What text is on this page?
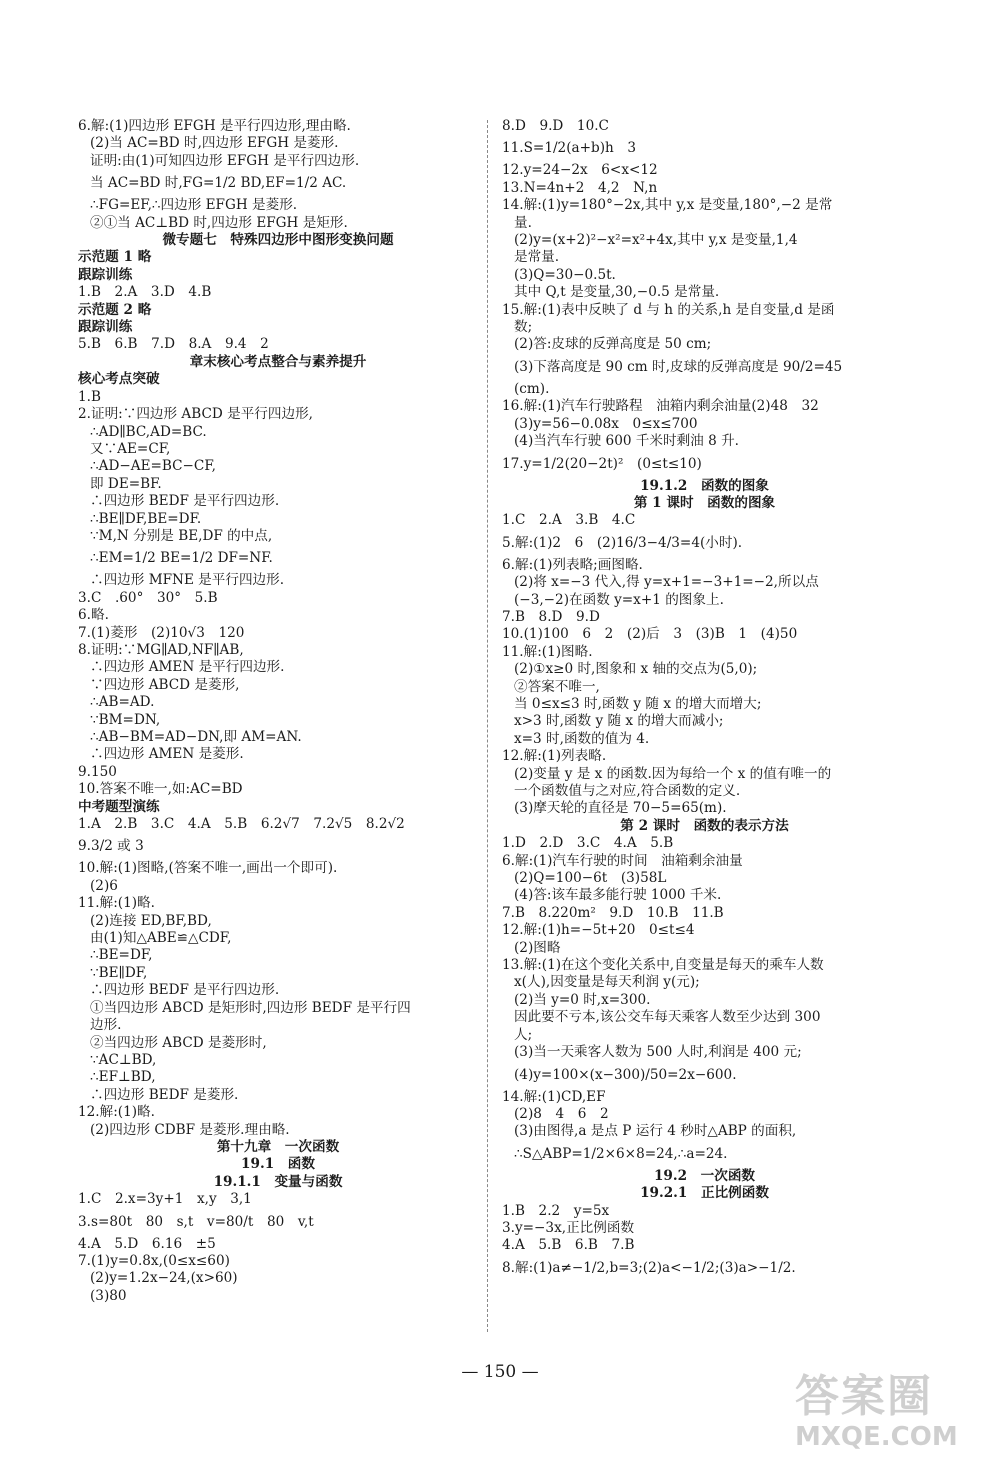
6.解:(1)四边形 EFGH 是平行四边形,理由略.
(2)当 AC=BD 时,四边形 EFGH 是菱形.
证明:由(1)可知四边形 EFGH 是平行四边形.
当 AC=BD 时,FG=1/2 BD,EF=1/2 AC.
∴FG=EF,∴四边形 EFGH 是菱形.
②①当 AC⊥BD 时,四边形 EFGH 是矩形.
微专题七　特殊四边形中图形变换问题
示范题 1 略
跟踪训练
1.B　2.A　3.D　4.B
示范题 2 略
跟踪训练
5.B　6.B　7.D　8.A　9.4　2
章末核心考点整合与素养提升
核心考点突破
1.B
2.证明:∵四边形 ABCD 是平行四边形,
∴AD∥BC,AD=BC.
又∵AE=CF,
∴AD−AE=BC−CF,
即 DE=BF.
∴四边形 BEDF 是平行四边形.
∴BE∥DF,BE=DF.
∵M,N 分别是 BE,DF 的中点,
∴EM=1/2 BE=1/2 DF=NF.
∴四边形 MFNE 是平行四边形.
3.C　.60°　30°　5.B
6.略.
7.(1)菱形　(2)10√3　120
8.证明:∵MG∥AD,NF∥AB,
∴四边形 AMEN 是平行四边形.
∵四边形 ABCD 是菱形,
∴AB=AD.
∵BM=DN,
∴AB−BM=AD−DN,即 AM=AN.
∴四边形 AMEN 是菱形.
9.150
10.答案不唯一,如:AC=BD
中考题型演练
1.A　2.B　3.C　4.A　5.B　6.2√7　7.2√5　8.2√2
9.3/2 或 3
10.解:(1)图略,(答案不唯一,画出一个即可).
(2)6
11.解:(1)略.
(2)连接 ED,BF,BD,
由(1)知△ABE≌△CDF,
∴BE=DF,
∵BE∥DF,
∴四边形 BEDF 是平行四边形.
①当四边形 ABCD 是矩形时,四边形 BEDF 是平行四
边形.
②当四边形 ABCD 是菱形时,
∵AC⊥BD,
∴EF⊥BD,
∴四边形 BEDF 是菱形.
12.解:(1)略.
(2)四边形 CDBF 是菱形.理由略.
第十九章　一次函数
19.1　函数
19.1.1　变量与函数
1.C　2.x=3y+1　x,y　3,1
3.s=80t　80　s,t　v=80/t　80　v,t
4.A　5.D　6.16　±5
7.(1)y=0.8x,(0≤x≤60)
(2)y=1.2x−24,(x>60)
(3)80
8.D　9.D　10.C
11.S=1/2(a+b)h　3
12.y=24−2x　6<x<12
13.N=4n+2　4,2　N,n
14.解:(1)y=180°−2x,其中 y,x 是变量,180°,−2 是常
量.
(2)y=(x+2)²−x²=x²+4x,其中 y,x 是变量,1,4
是常量.
(3)Q=30−0.5t.
其中 Q,t 是变量,30,−0.5 是常量.
15.解:(1)表中反映了 d 与 h 的关系,h 是自变量,d 是函
数;
(2)答:皮球的反弹高度是 50 cm;
(3)下落高度是 90 cm 时,皮球的反弹高度是 90/2=45
(cm).
16.解:(1)汽车行驶路程　油箱内剩余油量(2)48　32
(3)y=56−0.08x　0≤x≤700
(4)当汽车行驶 600 千米时剩油 8 升.
17.y=1/2(20−2t)²　(0≤t≤10)
19.1.2　函数的图象
第 1 课时　函数的图象
1.C　2.A　3.B　4.C
5.解:(1)2　6　(2)16/3−4/3=4(小时).
6.解:(1)列表略;画图略.
(2)将 x=−3 代入,得 y=x+1=−3+1=−2,所以点
(−3,−2)在函数 y=x+1 的图象上.
7.B　8.D　9.D
10.(1)100　6　2　(2)后　3　(3)B　1　(4)50
11.解:(1)图略.
(2)①x≥0 时,图象和 x 轴的交点为(5,0);
②答案不唯一,
当 0≤x≤3 时,函数 y 随 x 的增大而增大;
x>3 时,函数 y 随 x 的增大而减小;
x=3 时,函数的值为 4.
12.解:(1)列表略.
(2)变量 y 是 x 的函数.因为每给一个 x 的值有唯一的
一个函数值与之对应,符合函数的定义.
(3)摩天轮的直径是 70−5=65(m).
第 2 课时　函数的表示方法
1.D　2.D　3.C　4.A　5.B
6.解:(1)汽车行驶的时间　油箱剩余油量
(2)Q=100−6t　(3)58L
(4)答:该车最多能行驶 1000 千米.
7.B　8.220m²　9.D　10.B　11.B
12.解:(1)h=−5t+20　0≤t≤4
(2)图略
13.解:(1)在这个变化关系中,自变量是每天的乘车人数
x(人),因变量是每天利润 y(元);
(2)当 y=0 时,x=300.
因此要不亏本,该公交车每天乘客人数至少达到 300
人;
(3)当一天乘客人数为 500 人时,利润是 400 元;
(4)y=100×(x−300)/50=2x−600.
14.解:(1)CD,EF
(2)8　4　6　2
(3)由图得,a 是点 P 运行 4 秒时△ABP 的面积,
∴S△ABP=1/2×6×8=24,∴a=24.
19.2　一次函数
19.2.1　正比例函数
1.B　2.2　y=5x
3.y=−3x,正比例函数
4.A　5.B　6.B　7.B
8.解:(1)a≠−1/2,b=3;(2)a<−1/2;(3)a>−1/2.
— 150 —	答案圈
MXQE.COM
